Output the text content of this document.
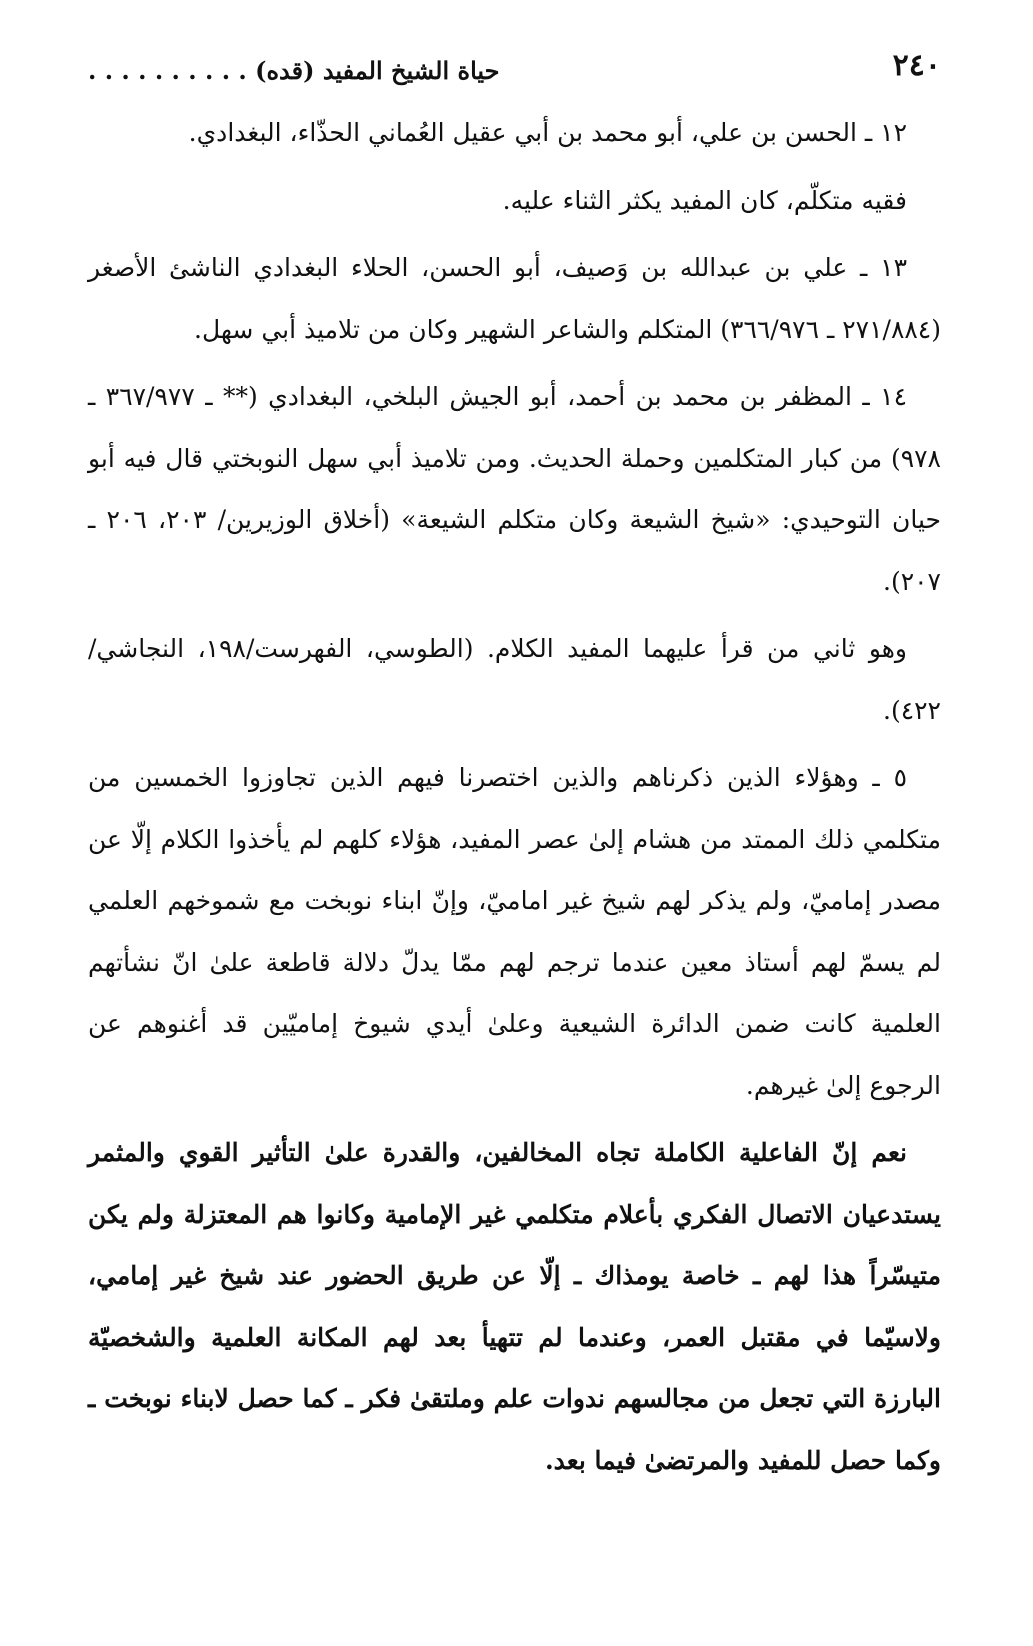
٢٤٠
حياة الشيخ المفيد (قده) . . . . . . . . . .

١٢ ـ الحسن بن علي، أبو محمد بن أبي عقيل العُماني الحذّاء، البغدادي.

فقيه متكلّم، كان المفيد يكثر الثناء عليه.

١٣ ـ علي بن عبدالله بن وَصيف، أبو الحسن، الحلاء البغدادي الناشئ الأصغر (٢٧١/٨٨٤ ـ ٣٦٦/٩٧٦) المتكلم والشاعر الشهير وكان من تلاميذ أبي سهل.

١٤ ـ المظفر بن محمد بن أحمد، أبو الجيش البلخي، البغدادي (** ـ ٣٦٧/٩٧٧ ـ ٩٧٨) من كبار المتكلمين وحملة الحديث. ومن تلاميذ أبي سهل النوبختي قال فيه أبو حيان التوحيدي: «شيخ الشيعة وكان متكلم الشيعة» (أخلاق الوزيرين/ ٢٠٣، ٢٠٦ ـ ٢٠٧).

وهو ثاني من قرأ عليهما المفيد الكلام. (الطوسي، الفهرست/١٩٨، النجاشي/٤٢٢).

٥ ـ وهؤلاء الذين ذكرناهم والذين اختصرنا فيهم الذين تجاوزوا الخمسين من متكلمي ذلك الممتد من هشام إلىٰ عصر المفيد، هؤلاء كلهم لم يأخذوا الكلام إلّا عن مصدر إماميّ، ولم يذكر لهم شيخ غير اماميّ، وإنّ ابناء نوبخت مع شموخهم العلمي لم يسمّ لهم أستاذ معين عندما ترجم لهم ممّا يدلّ دلالة قاطعة علىٰ انّ نشأتهم العلمية كانت ضمن الدائرة الشيعية وعلىٰ أيدي شيوخ إماميّين قد أغنوهم عن الرجوع إلىٰ غيرهم.

نعم إنّ الفاعلية الكاملة تجاه المخالفين، والقدرة علىٰ التأثير القوي والمثمر يستدعيان الاتصال الفكري بأعلام متكلمي غير الإمامية وكانوا هم المعتزلة ولم يكن متيسّراً هذا لهم ـ خاصة يومذاك ـ إلّا عن طريق الحضور عند شيخ غير إمامي، ولاسيّما في مقتبل العمر، وعندما لم تتهيأ بعد لهم المكانة العلمية والشخصيّة البارزة التي تجعل من مجالسهم ندوات علم وملتقىٰ فكر ـ كما حصل لابناء نوبخت ـ وكما حصل للمفيد والمرتضىٰ فيما بعد.
